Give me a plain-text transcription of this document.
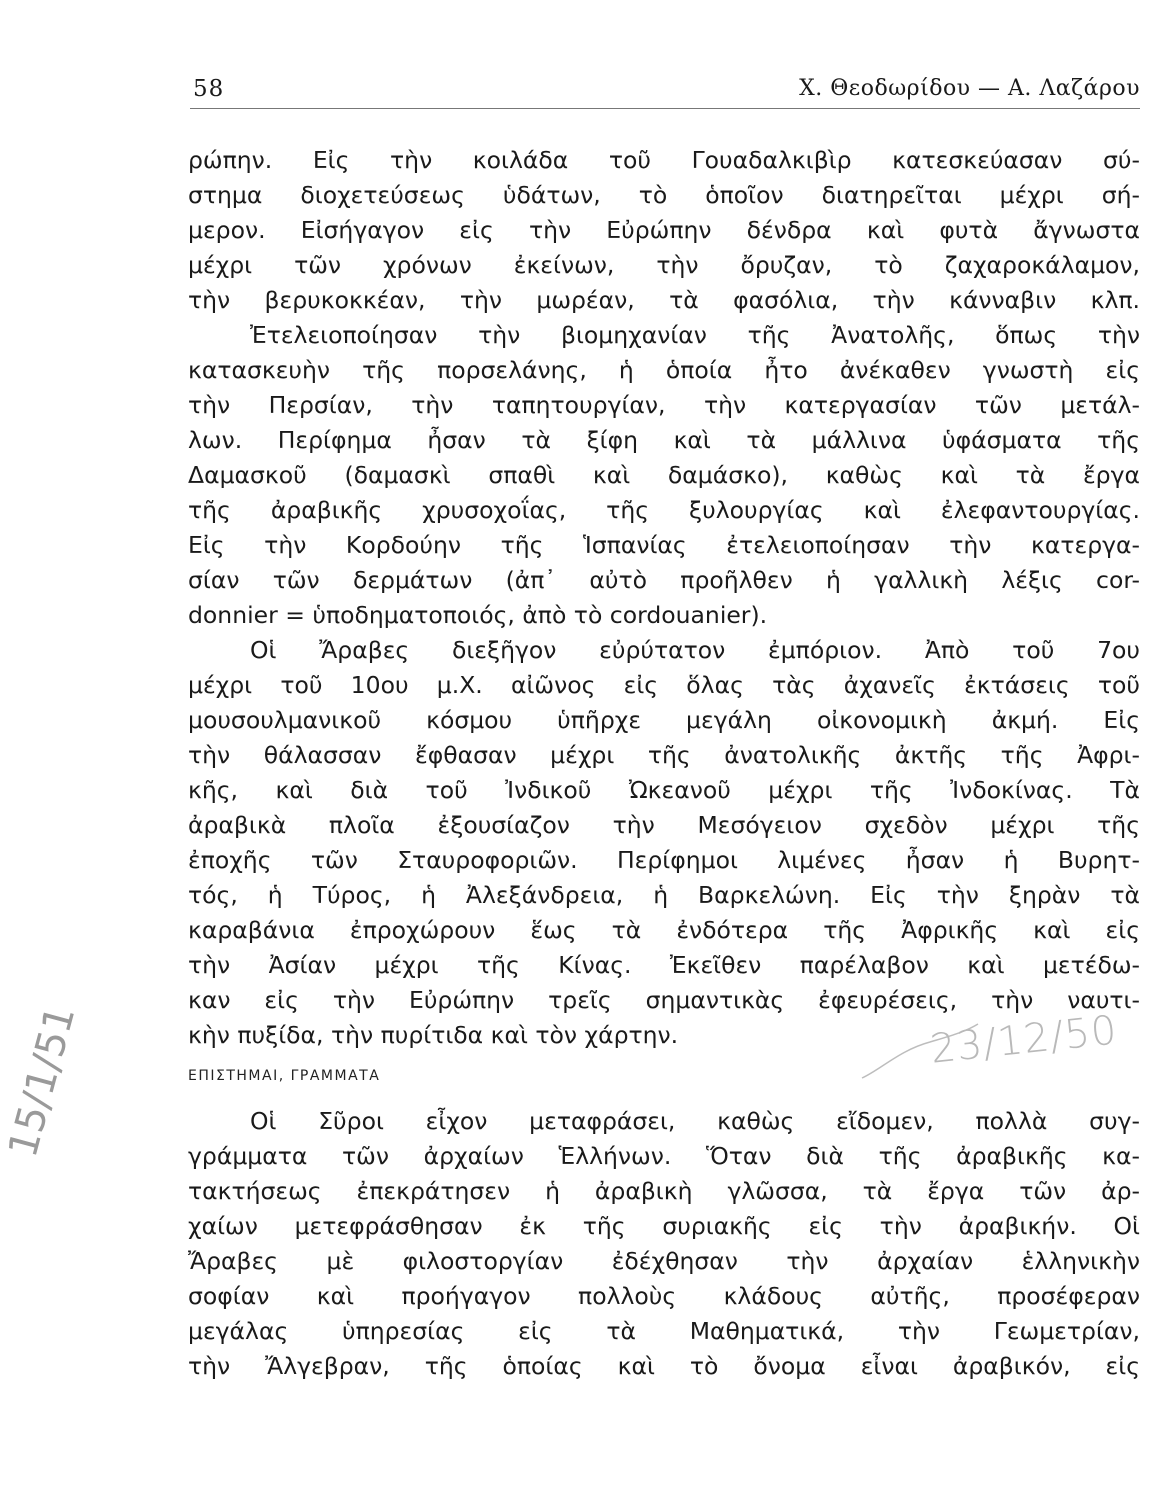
58	Χ. Θεοδωρίδου — Α. Λαζάρου
ρώπην. Εἰς τὴν κοιλάδα τοῦ Γουαδαλκιβὶρ κατεσκεύασαν σύ-
στημα διοχετεύσεως ὑδάτων, τὸ ὁποῖον διατηρεῖται μέχρι σή-
μερον. Εἰσήγαγον εἰς τὴν Εὐρώπην δένδρα καὶ φυτὰ ἄγνωστα
μέχρι τῶν χρόνων ἐκείνων, τὴν ὄρυζαν, τὸ ζαχαροκάλαμον,
τὴν βερυκοκκέαν, τὴν μωρέαν, τὰ φασόλια, τὴν κάνναβιν κλπ.
Ἐτελειοποίησαν τὴν βιομηχανίαν τῆς Ἀνατολῆς, ὅπως τὴν
κατασκευὴν τῆς πορσελάνης, ἡ ὁποία ἦτο ἀνέκαθεν γνωστὴ εἰς
τὴν Περσίαν, τὴν ταπητουργίαν, τὴν κατεργασίαν τῶν μετάλ-
λων. Περίφημα ἦσαν τὰ ξίφη καὶ τὰ μάλλινα ὑφάσματα τῆς
Δαμασκοῦ (δαμασκὶ σπαθὶ καὶ δαμάσκο), καθὼς καὶ τὰ ἔργα
τῆς ἀραβικῆς χρυσοχοΐας, τῆς ξυλουργίας καὶ ἐλεφαντουργίας.
Εἰς τὴν Κορδούην τῆς Ἱσπανίας ἐτελειοποίησαν τὴν κατεργα-
σίαν τῶν δερμάτων (ἀπ᾿ αὐτὸ προῆλθεν ἡ γαλλικὴ λέξις cor-
donnier = ὑποδηματοποιός, ἀπὸ τὸ cordouanier).
Οἱ Ἄραβες διεξῆγον εὐρύτατον ἐμπόριον. Ἀπὸ τοῦ 7ου
μέχρι τοῦ 10ου μ.Χ. αἰῶνος εἰς ὅλας τὰς ἀχανεῖς ἐκτάσεις τοῦ
μουσουλμανικοῦ κόσμου ὑπῆρχε μεγάλη οἰκονομικὴ ἀκμή. Εἰς
τὴν θάλασσαν ἔφθασαν μέχρι τῆς ἀνατολικῆς ἀκτῆς τῆς Ἀφρι-
κῆς, καὶ διὰ τοῦ Ἰνδικοῦ Ὠκεανοῦ μέχρι τῆς Ἰνδοκίνας. Τὰ
ἀραβικὰ πλοῖα ἐξουσίαζον τὴν Μεσόγειον σχεδὸν μέχρι τῆς
ἐποχῆς τῶν Σταυροφοριῶν. Περίφημοι λιμένες ἦσαν ἡ Βυρητ-
τός, ἡ Τύρος, ἡ Ἀλεξάνδρεια, ἡ Βαρκελώνη. Εἰς τὴν ξηρὰν τὰ
καραβάνια ἐπροχώρουν ἕως τὰ ἐνδότερα τῆς Ἀφρικῆς καὶ εἰς
τὴν Ἀσίαν μέχρι τῆς Κίνας. Ἐκεῖθεν παρέλαβον καὶ μετέδω-
καν εἰς τὴν Εὐρώπην τρεῖς σημαντικὰς ἐφευρέσεις, τὴν ναυτι-
κὴν πυξίδα, τὴν πυρίτιδα καὶ τὸν χάρτην.	23/12/50
15/1/51	ΕΠΙΣΤΗΜΑΙ, ΓΡΑΜΜΑΤΑ
Οἱ Σῦροι εἶχον μεταφράσει, καθὼς εἴδομεν, πολλὰ συγ-
γράμματα τῶν ἀρχαίων Ἑλλήνων. Ὅταν διὰ τῆς ἀραβικῆς κα-
τακτήσεως ἐπεκράτησεν ἡ ἀραβικὴ γλῶσσα, τὰ ἔργα τῶν ἀρ-
χαίων μετεφράσθησαν ἐκ τῆς συριακῆς εἰς τὴν ἀραβικήν. Οἱ
Ἄραβες μὲ φιλοστοργίαν ἐδέχθησαν τὴν ἀρχαίαν ἑλληνικὴν
σοφίαν καὶ προήγαγον πολλοὺς κλάδους αὐτῆς, προσέφεραν
μεγάλας ὑπηρεσίας εἰς τὰ Μαθηματικά, τὴν Γεωμετρίαν,
τὴν Ἄλγεβραν, τῆς ὁποίας καὶ τὸ ὄνομα εἶναι ἀραβικόν, εἰς
